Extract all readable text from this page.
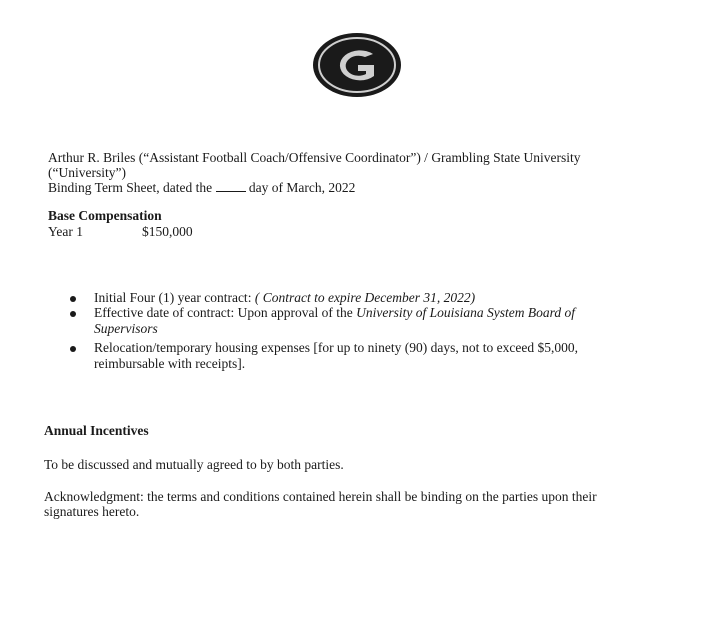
Arthur R. Briles (“Assistant Football Coach/Offensive Coordinator”) / Grambling State University
(“University”)
Binding Term Sheet, dated the	day of March, 2022
Base Compensation
Year 1	$150,000
Initial Four (1) year contract: ( Contract to expire December 31, 2022)
Effective date of contract: Upon approval of the University of Louisiana System Board of
Supervisors
Relocation/temporary housing expenses [for up to ninety (90) days, not to exceed $5,000,
reimbursable with receipts].
Annual Incentives
To be discussed and mutually agreed to by both parties.
Acknowledgment: the terms and conditions contained herein shall be binding on the parties upon their
signatures hereto.
